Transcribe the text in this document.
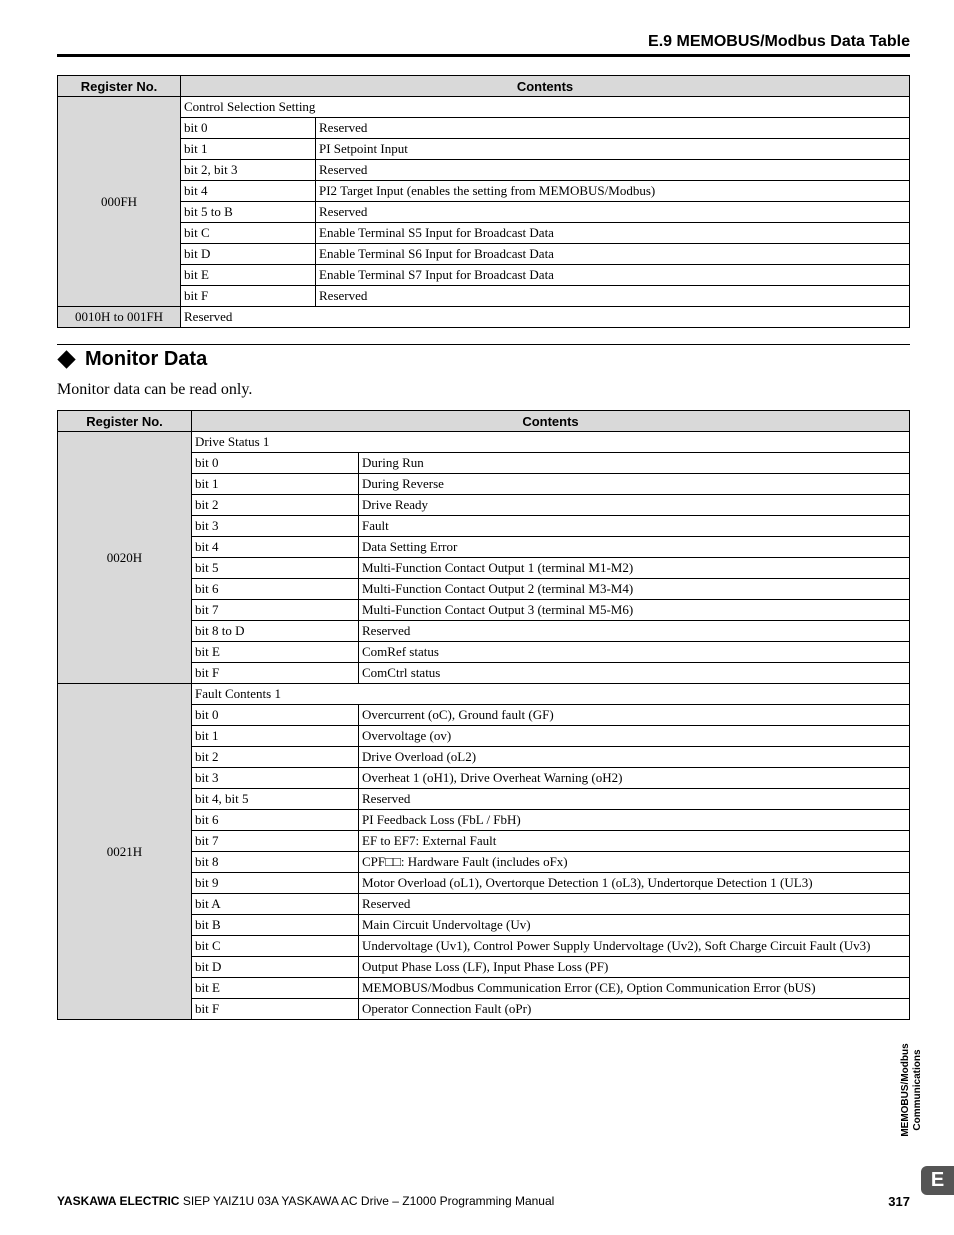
E.9 MEMOBUS/Modbus Data Table
Register No.	Contents	
000FH	Control Selection Setting	
	bit 0	Reserved
	bit 1	PI Setpoint Input
	bit 2, bit 3	Reserved
	bit 4	PI2 Target Input (enables the setting from MEMOBUS/Modbus)
	bit 5 to B	Reserved
	bit C	Enable Terminal S5 Input for Broadcast Data
	bit D	Enable Terminal S6 Input for Broadcast Data
	bit E	Enable Terminal S7 Input for Broadcast Data
	bit F	Reserved
0010H to 001FH	Reserved	
Monitor Data
Monitor data can be read only.
Register No.	Contents	
0020H	Drive Status 1	
	bit 0	During Run
	bit 1	During Reverse
	bit 2	Drive Ready
	bit 3	Fault
	bit 4	Data Setting Error
	bit 5	Multi-Function Contact Output 1 (terminal M1-M2)
	bit 6	Multi-Function Contact Output 2 (terminal M3-M4)
	bit 7	Multi-Function Contact Output 3 (terminal M5-M6)
	bit 8 to D	Reserved
	bit E	ComRef status
	bit F	ComCtrl status
0021H	Fault Contents 1	
	bit 0	Overcurrent (oC), Ground fault (GF)
	bit 1	Overvoltage (ov)
	bit 2	Drive Overload (oL2)
	bit 3	Overheat 1 (oH1), Drive Overheat Warning (oH2)
	bit 4, bit 5	Reserved
	bit 6	PI Feedback Loss (FbL / FbH)
	bit 7	EF to EF7: External Fault
	bit 8	CPF□□: Hardware Fault (includes oFx)
	bit 9	Motor Overload (oL1), Overtorque Detection 1 (oL3), Undertorque Detection 1 (UL3)
	bit A	Reserved
	bit B	Main Circuit Undervoltage (Uv)
	bit C	Undervoltage (Uv1), Control Power Supply Undervoltage (Uv2), Soft Charge Circuit Fault (Uv3)
	bit D	Output Phase Loss (LF), Input Phase Loss (PF)
	bit E	MEMOBUS/Modbus Communication Error (CE), Option Communication Error (bUS)
	bit F	Operator Connection Fault (oPr)
MEMOBUS/Modbus Communications
E
YASKAWA ELECTRIC SIEP YAIZ1U 03A YASKAWA AC Drive – Z1000 Programming Manual	317
